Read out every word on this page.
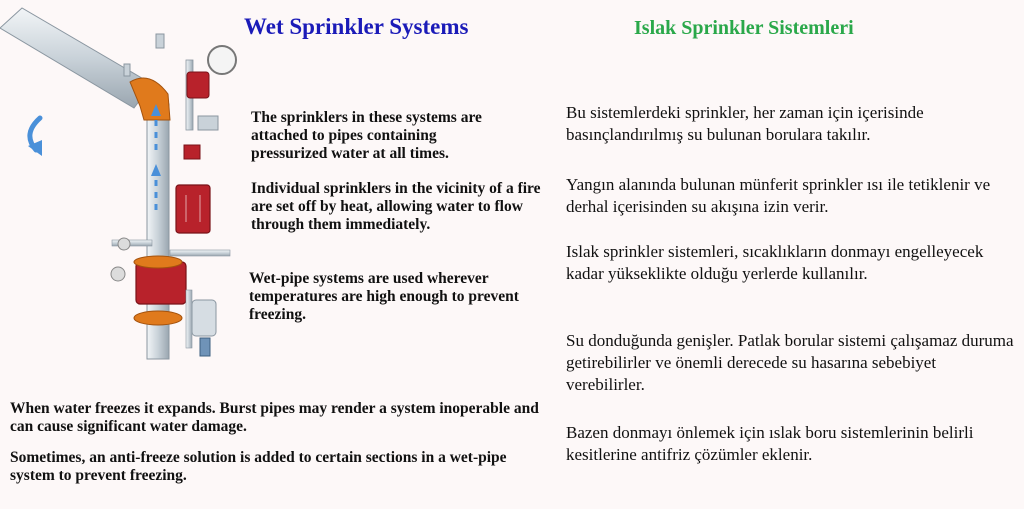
Wet Sprinkler Systems	Islak Sprinkler Sistemleri

The sprinklers in these systems are attached to pipes containing pressurized water at all times.

Individual sprinklers in the vicinity of a fire are set off by heat, allowing water to flow through them immediately.

Wet-pipe systems are used wherever temperatures are high enough to prevent freezing.

When water freezes it expands. Burst pipes may render a system inoperable and can cause significant water damage.

Sometimes, an anti-freeze solution is added to certain sections in a wet-pipe system to prevent freezing.

Bu sistemlerdeki sprinkler, her zaman için içerisinde basınçlandırılmış su bulunan borulara takılır.

Yangın alanında bulunan münferit sprinkler ısı ile tetiklenir ve derhal içerisinden su akışına izin verir.

Islak sprinkler sistemleri, sıcaklıkların donmayı engelleyecek kadar yükseklikte olduğu yerlerde kullanılır.

Su donduğunda genişler. Patlak borular sistemi çalışamaz duruma getirebilirler ve önemli derecede su hasarına sebebiyet verebilirler.

Bazen donmayı önlemek için ıslak boru sistemlerinin belirli kesitlerine antifriz çözümler eklenir.
